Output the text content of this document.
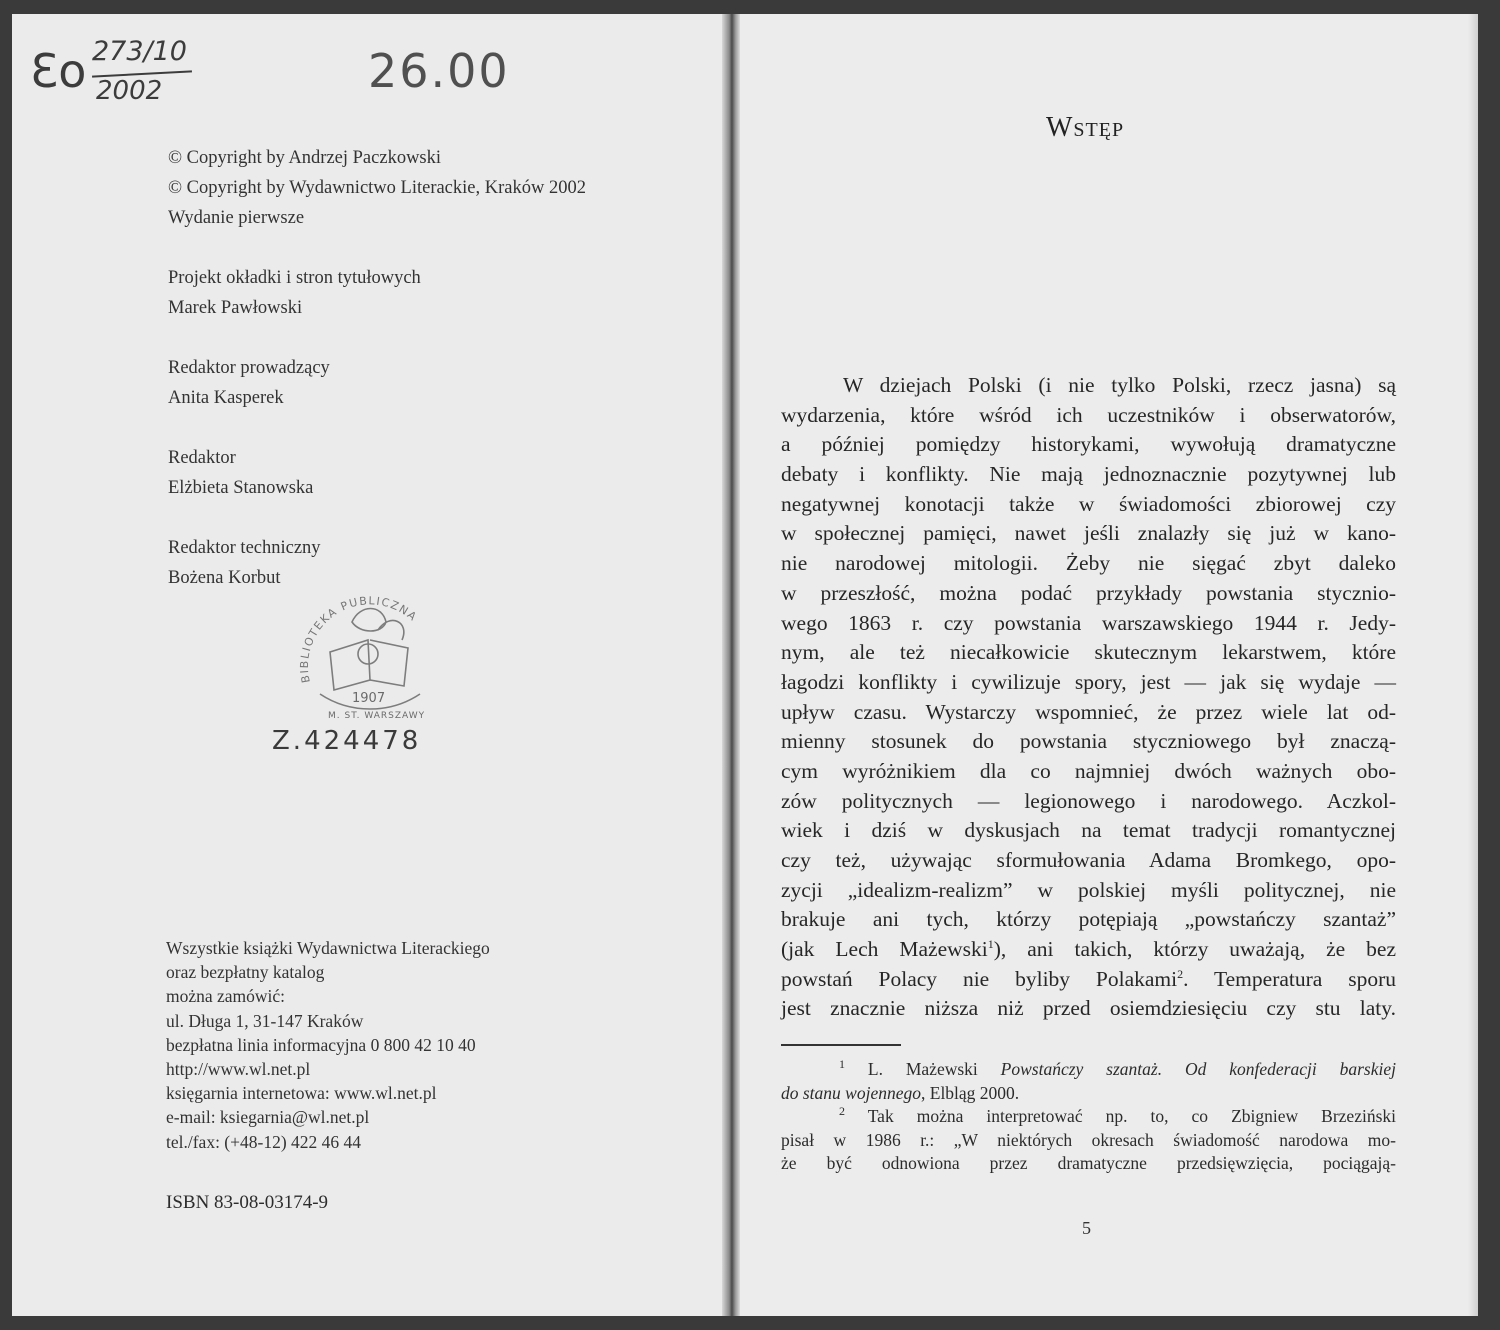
Ɛo 273/10
2002	26.00
© Copyright by Andrzej Paczkowski
© Copyright by Wydawnictwo Literackie, Kraków 2002
Wydanie pierwsze
Projekt okładki i stron tytułowych
Marek Pawłowski
Redaktor prowadzący
Anita Kasperek
Redaktor
Elżbieta Stanowska
Redaktor techniczny
Bożena Korbut
BIBLIOTEKA PUBLICZNA
1907
M. ST. WARSZAWY
Z.424478
Wszystkie książki Wydawnictwa Literackiego
oraz bezpłatny katalog
można zamówić:
ul. Długa 1, 31-147 Kraków
bezpłatna linia informacyjna 0 800 42 10 40
http://www.wl.net.pl
księgarnia internetowa: www.wl.net.pl
e-mail: ksiegarnia@wl.net.pl
tel./fax: (+48-12) 422 46 44
ISBN 83-08-03174-9
Wstęp
W dziejach Polski (i nie tylko Polski, rzecz jasna) są
wydarzenia, które wśród ich uczestników i obserwatorów,
a później pomiędzy historykami, wywołują dramatyczne
debaty i konflikty. Nie mają jednoznacznie pozytywnej lub
negatywnej konotacji także w świadomości zbiorowej czy
w społecznej pamięci, nawet jeśli znalazły się już w kano-
nie narodowej mitologii. Żeby nie sięgać zbyt daleko
w przeszłość, można podać przykłady powstania stycznio-
wego 1863 r. czy powstania warszawskiego 1944 r. Jedy-
nym, ale też niecałkowicie skutecznym lekarstwem, które
łagodzi konflikty i cywilizuje spory, jest — jak się wydaje —
upływ czasu. Wystarczy wspomnieć, że przez wiele lat od-
mienny stosunek do powstania styczniowego był znaczą-
cym wyróżnikiem dla co najmniej dwóch ważnych obo-
zów politycznych — legionowego i narodowego. Aczkol-
wiek i dziś w dyskusjach na temat tradycji romantycznej
czy też, używając sformułowania Adama Bromkego, opo-
zycji „idealizm-realizm” w polskiej myśli politycznej, nie
brakuje ani tych, którzy potępiają „powstańczy szantaż”
(jak Lech Mażewski$^1$), ani takich, którzy uważają, że bez
powstań Polacy nie byliby Polakami$^2$. Temperatura sporu
jest znacznie niższa niż przed osiemdziesięciu czy stu laty.
$^1$ L. Mażewski Powstańczy szantaż. Od konfederacji barskiej
do stanu wojennego, Elbląg 2000.
$^2$ Tak można interpretować np. to, co Zbigniew Brzeziński
pisał w 1986 r.: „W niektórych okresach świadomość narodowa mo-
że być odnowiona przez dramatyczne przedsięwzięcia, pociągają-
5
